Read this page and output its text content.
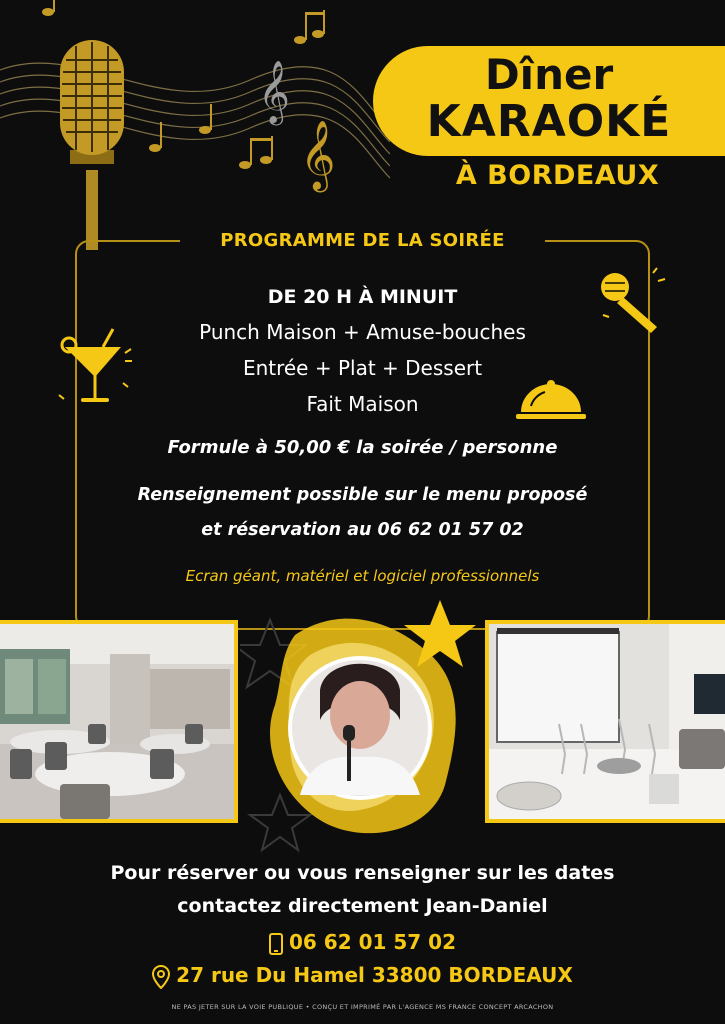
𝄞
𝄞
Dîner
KARAOKÉ
À BORDEAUX
PROGRAMME DE LA SOIRÉE
DE 20 H À MINUIT
Punch Maison + Amuse-bouches
Entrée + Plat + Dessert
Fait Maison
Formule à 50,00 € la soirée / personne
Renseignement possible sur le menu proposé
et réservation au 06 62 01 57 02
Ecran géant, matériel et logiciel professionnels
Pour réserver ou vous renseigner sur les dates
contactez directement Jean-Daniel
06 62 01 57 02
27 rue Du Hamel 33800 BORDEAUX
NE PAS JETER SUR LA VOIE PUBLIQUE • CONÇU ET IMPRIMÉ PAR L'AGENCE MS FRANCE CONCEPT ARCACHON
